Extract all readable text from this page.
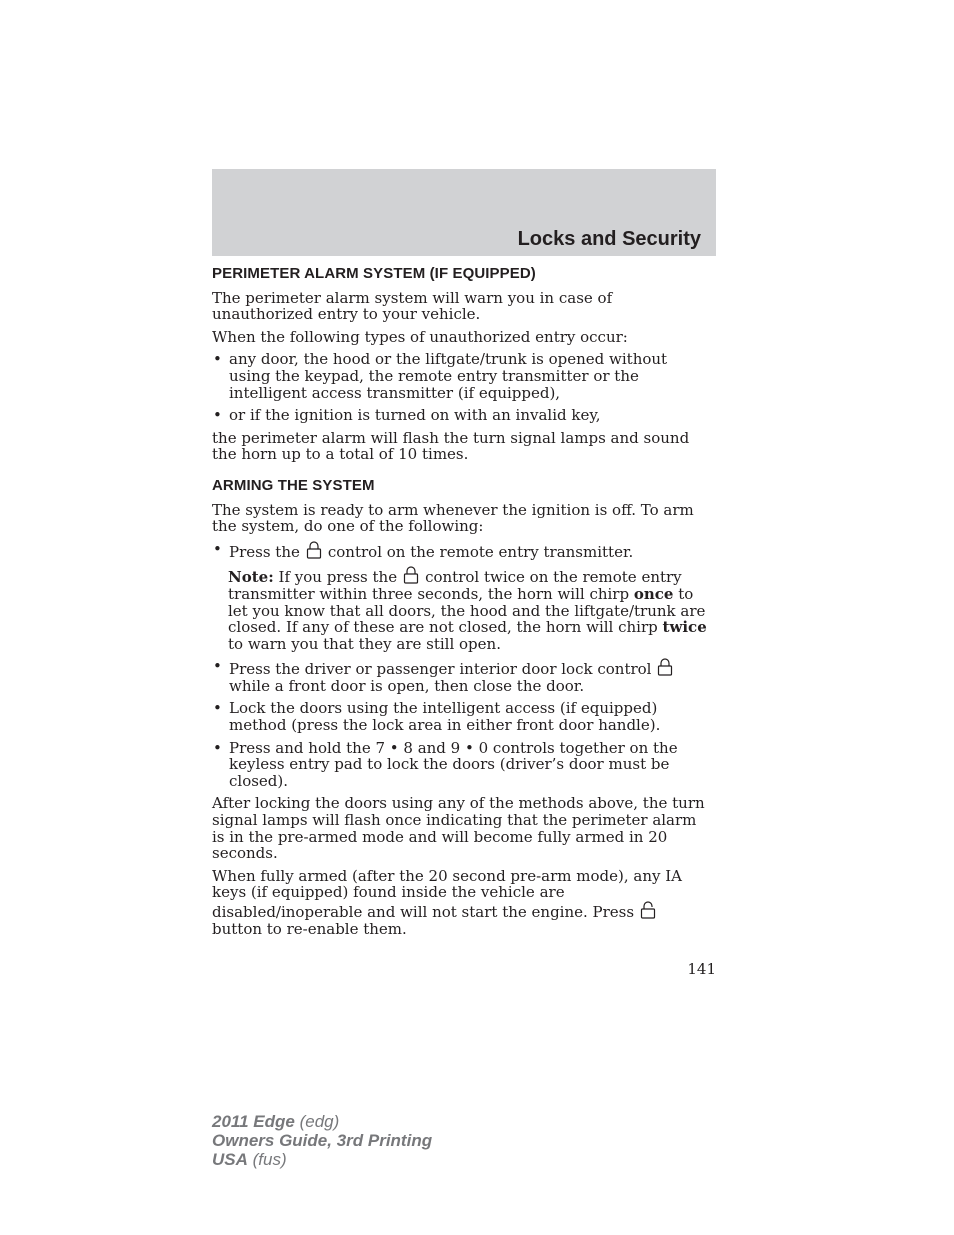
Locks and Security
PERIMETER ALARM SYSTEM (IF EQUIPPED)

The perimeter alarm system will warn you in case of unauthorized entry to your vehicle.

When the following types of unauthorized entry occur:

• any door, the hood or the liftgate/trunk is opened without using the keypad, the remote entry transmitter or the intelligent access transmitter (if equipped),
• or if the ignition is turned on with an invalid key,

the perimeter alarm will flash the turn signal lamps and sound the horn up to a total of 10 times.

ARMING THE SYSTEM

The system is ready to arm whenever the ignition is off. To arm the system, do one of the following:

• Press the control on the remote entry transmitter.

Note: If you press the control twice on the remote entry transmitter within three seconds, the horn will chirp once to let you know that all doors, the hood and the liftgate/trunk are closed. If any of these are not closed, the horn will chirp twice to warn you that they are still open.

• Press the driver or passenger interior door lock control
while a front door is open, then close the door.
• Lock the doors using the intelligent access (if equipped) method (press the lock area in either front door handle).
• Press and hold the 7 • 8 and 9 • 0 controls together on the keyless entry pad to lock the doors (driver’s door must be closed).

After locking the doors using any of the methods above, the turn signal lamps will flash once indicating that the perimeter alarm is in the pre-armed mode and will become fully armed in 20 seconds.

When fully armed (after the 20 second pre-arm mode), any IA keys (if equipped) found inside the vehicle are disabled/inoperable and will not start the engine. Press
button to re-enable them.

141
2011 Edge (edg)
Owners Guide, 3rd Printing
USA (fus)
